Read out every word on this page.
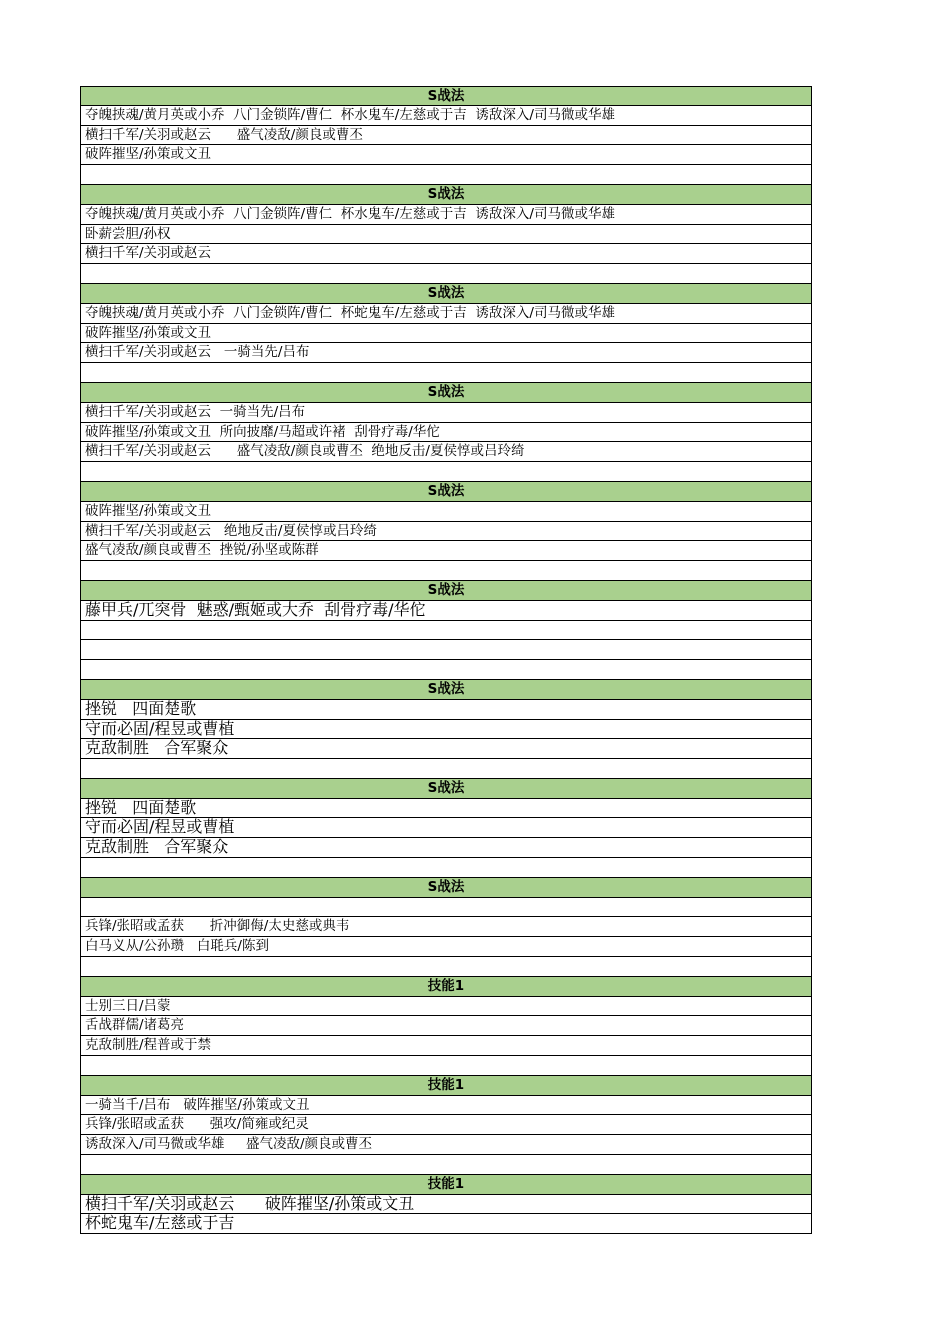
S战法
夺魄挟魂/黄月英或小乔  八门金锁阵/曹仁  杯水鬼车/左慈或于吉  诱敌深入/司马微或华雄
横扫千军/关羽或赵云      盛气凌敌/颜良或曹丕
破阵摧坚/孙策或文丑
S战法
夺魄挟魂/黄月英或小乔  八门金锁阵/曹仁  杯水鬼车/左慈或于吉  诱敌深入/司马微或华雄
卧薪尝胆/孙权
横扫千军/关羽或赵云
S战法
夺魄挟魂/黄月英或小乔  八门金锁阵/曹仁  杯蛇鬼车/左慈或于吉  诱敌深入/司马微或华雄
破阵摧坚/孙策或文丑
横扫千军/关羽或赵云   一骑当先/吕布
S战法
横扫千军/关羽或赵云  一骑当先/吕布
破阵摧坚/孙策或文丑  所向披靡/马超或许褚  刮骨疗毒/华佗
横扫千军/关羽或赵云      盛气凌敌/颜良或曹丕  绝地反击/夏侯惇或吕玲绮
S战法
破阵摧坚/孙策或文丑
横扫千军/关羽或赵云   绝地反击/夏侯惇或吕玲绮
盛气凌敌/颜良或曹丕  挫锐/孙坚或陈群
S战法
藤甲兵/兀突骨  魅惑/甄姬或大乔  刮骨疗毒/华佗
S战法
挫锐   四面楚歌
守而必固/程昱或曹植
克敌制胜   合军聚众
S战法
挫锐   四面楚歌
守而必固/程昱或曹植
克敌制胜   合军聚众
S战法
兵锋/张昭或孟获      折冲御侮/太史慈或典韦
白马义从/公孙瓒   白毦兵/陈到
技能1
士别三日/吕蒙
舌战群儒/诸葛亮
克敌制胜/程普或于禁
技能1
一骑当千/吕布   破阵摧坚/孙策或文丑
兵锋/张昭或孟获      强攻/简雍或纪灵
诱敌深入/司马微或华雄     盛气凌敌/颜良或曹丕
技能1
横扫千军/关羽或赵云      破阵摧坚/孙策或文丑
杯蛇鬼车/左慈或于吉
